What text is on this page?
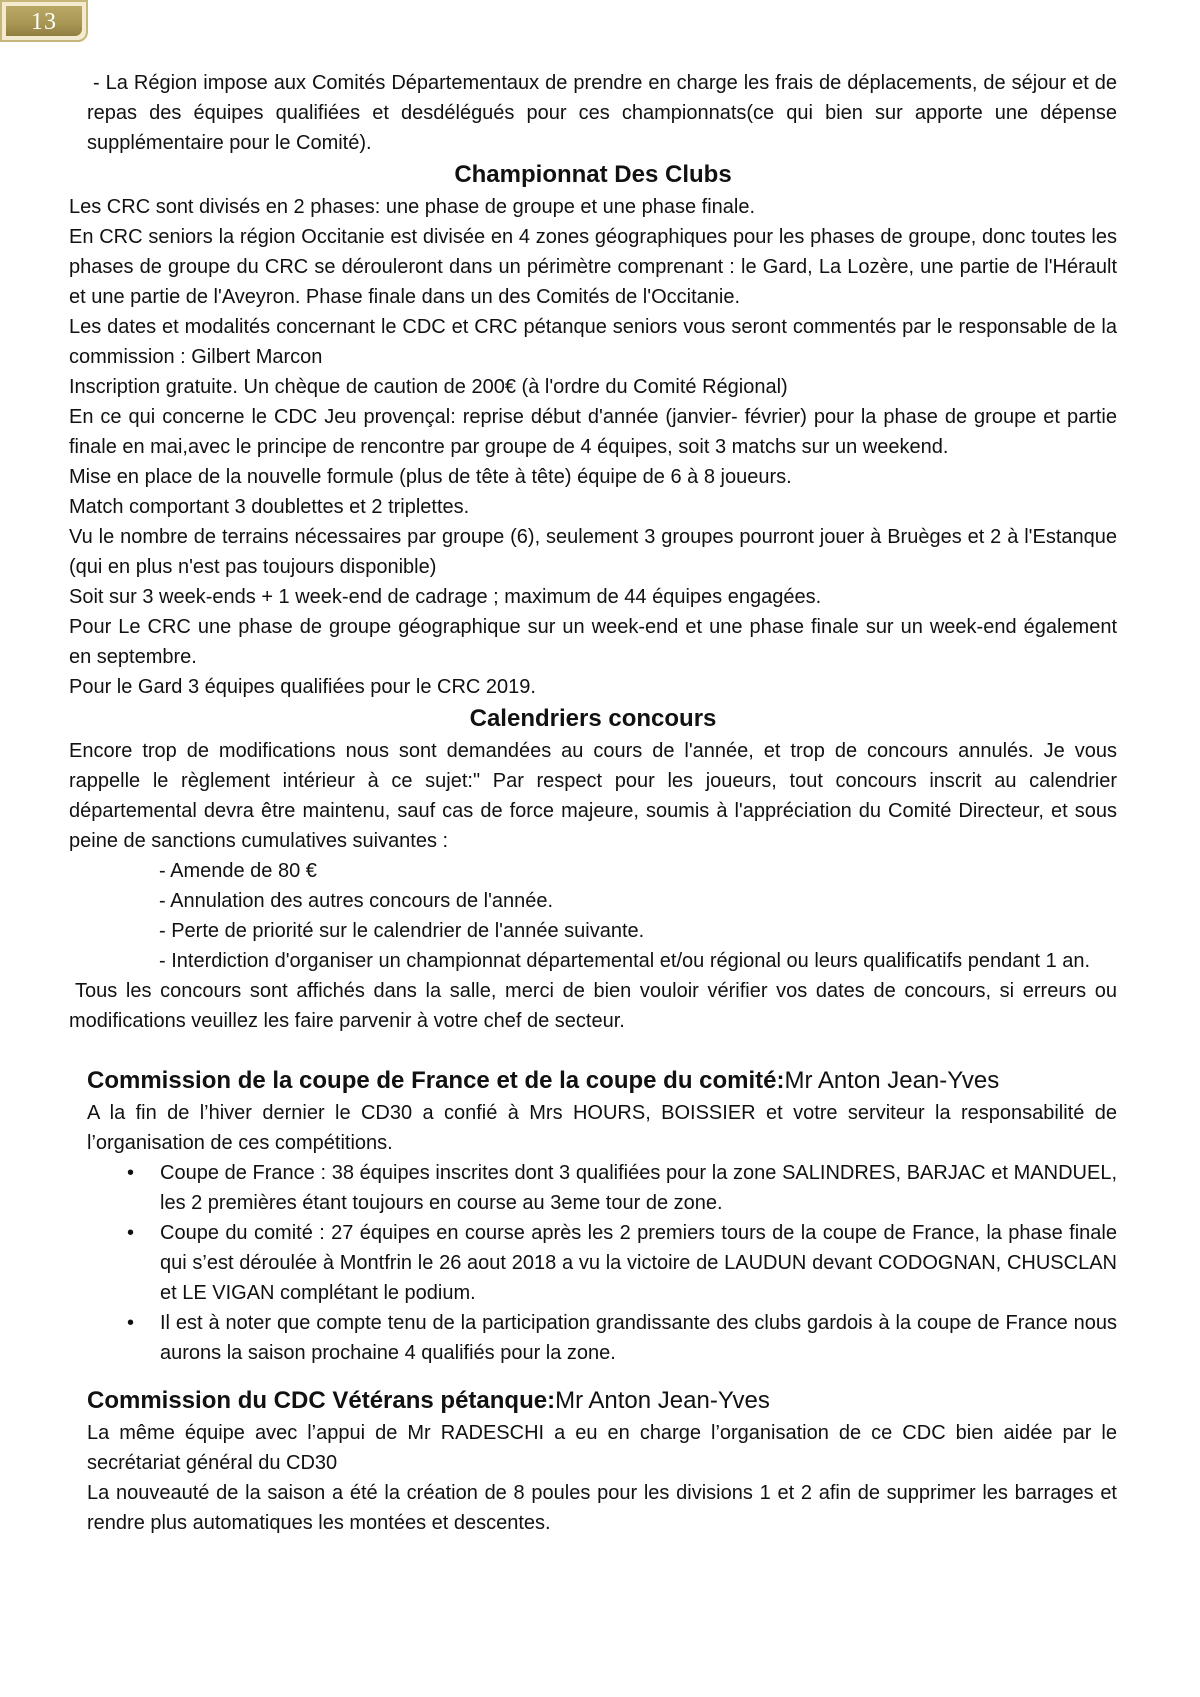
13

- La Région impose aux Comités Départementaux de prendre en charge les frais de déplacements, de séjour et de repas des équipes qualifiées et desdélégués pour ces championnats(ce qui bien sur apporte une dépense supplémentaire pour le Comité).

Championnat Des Clubs

Les CRC sont divisés en 2 phases: une phase de groupe et une phase finale.

En CRC seniors la région Occitanie est divisée en 4 zones géographiques pour les phases de groupe, donc toutes les phases de groupe du CRC se dérouleront dans un périmètre comprenant : le Gard, La Lozère, une partie de l'Hérault et une partie de l'Aveyron. Phase finale dans un des Comités de l'Occitanie.

Les dates et modalités concernant le CDC et CRC pétanque seniors vous seront commentés par le responsable de la commission : Gilbert Marcon

Inscription gratuite. Un chèque de caution de 200€ (à l'ordre du Comité Régional)

En ce qui concerne le CDC Jeu provençal: reprise début d'année (janvier- février) pour la phase de groupe et partie finale en mai,avec le principe de rencontre par groupe de 4 équipes, soit 3 matchs sur un weekend.

Mise en place de la nouvelle formule (plus de tête à tête) équipe de 6 à 8 joueurs.

Match comportant 3 doublettes et 2 triplettes.

Vu le nombre de terrains nécessaires par groupe (6), seulement 3 groupes pourront jouer à Bruèges et 2 à l'Estanque (qui en plus n'est pas toujours disponible)

Soit sur 3 week-ends + 1 week-end de cadrage ; maximum de 44 équipes engagées.

Pour Le CRC une phase de groupe géographique sur un week-end et une phase finale sur un week-end également en septembre.

Pour le Gard 3 équipes qualifiées pour le CRC 2019.

Calendriers concours

Encore trop de modifications nous sont demandées au cours de l'année, et trop de concours annulés. Je vous rappelle le règlement intérieur à ce sujet:" Par respect pour les joueurs, tout concours inscrit au calendrier départemental devra être maintenu, sauf cas de force majeure, soumis à l'appréciation du Comité Directeur, et sous peine de sanctions cumulatives suivantes :

- Amende de 80 €

- Annulation des autres concours de l'année.

- Perte de priorité sur le calendrier de l'année suivante.

- Interdiction d'organiser un championnat départemental et/ou régional ou leurs qualificatifs pendant 1 an.

Tous les concours sont affichés dans la salle, merci de bien vouloir vérifier vos dates de concours, si erreurs ou modifications veuillez les faire parvenir à votre chef de secteur.

Commission de la coupe de France et de la coupe du comité:Mr Anton Jean-Yves

A la fin de l’hiver dernier le CD30 a confié à Mrs HOURS, BOISSIER et votre serviteur la responsabilité de l’organisation de ces compétitions.

• Coupe de France : 38 équipes inscrites dont 3 qualifiées pour la zone SALINDRES, BARJAC et MANDUEL, les 2 premières étant toujours en course au 3eme tour de zone.
• Coupe du comité : 27 équipes en course après les 2 premiers tours de la coupe de France, la phase finale qui s’est déroulée à Montfrin le 26 aout 2018 a vu la victoire de LAUDUN devant CODOGNAN, CHUSCLAN et LE VIGAN complétant le podium.
• Il est à noter que compte tenu de la participation grandissante des clubs gardois à la coupe de France nous aurons la saison prochaine 4 qualifiés pour la zone.
Commission du CDC Vétérans pétanque:Mr Anton Jean-Yves

La même équipe avec l’appui de Mr RADESCHI a eu en charge l’organisation de ce CDC bien aidée par le secrétariat général du CD30

La nouveauté de la saison a été la création de 8 poules pour les divisions 1 et 2 afin de supprimer les barrages et rendre plus automatiques les montées et descentes.
